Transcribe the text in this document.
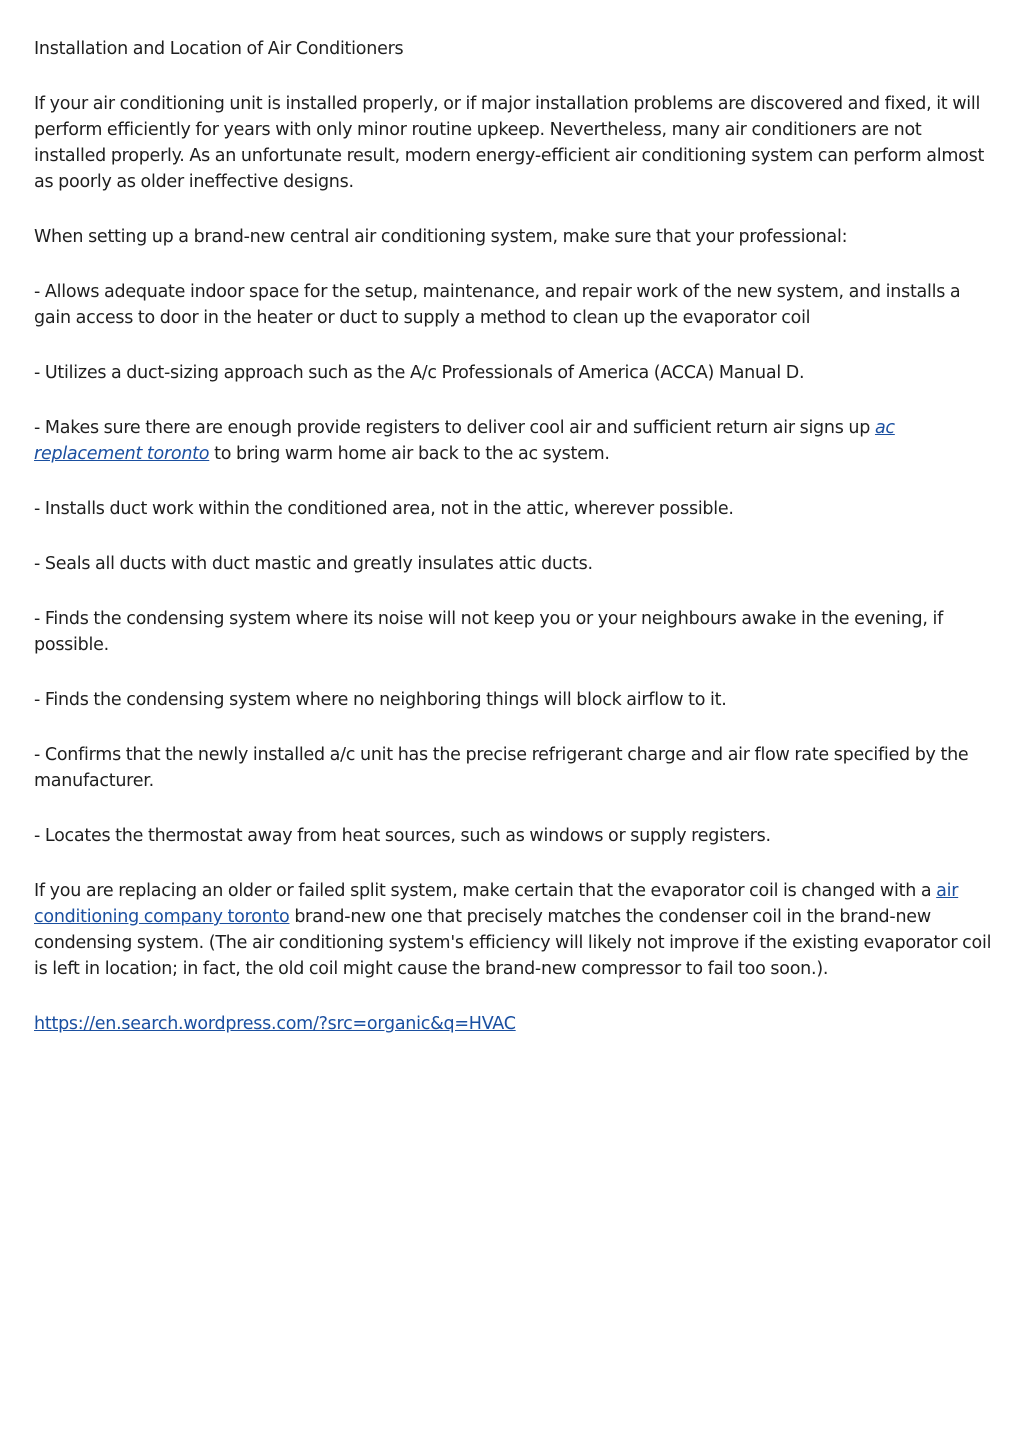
Installation and Location of Air Conditioners

If your air conditioning unit is installed properly, or if major installation problems are discovered and fixed, it will perform efficiently for years with only minor routine upkeep. Nevertheless, many air conditioners are not installed properly. As an unfortunate result, modern energy-efficient air conditioning system can perform almost as poorly as older ineffective designs.

When setting up a brand-new central air conditioning system, make sure that your professional:

- Allows adequate indoor space for the setup, maintenance, and repair work of the new system, and installs a gain access to door in the heater or duct to supply a method to clean up the evaporator coil

- Utilizes a duct-sizing approach such as the A/c Professionals of America (ACCA) Manual D.

- Makes sure there are enough provide registers to deliver cool air and sufficient return air signs up ac replacement toronto to bring warm home air back to the ac system.

- Installs duct work within the conditioned area, not in the attic, wherever possible.

- Seals all ducts with duct mastic and greatly insulates attic ducts.

- Finds the condensing system where its noise will not keep you or your neighbours awake in the evening, if possible.

- Finds the condensing system where no neighboring things will block airflow to it.

- Confirms that the newly installed a/c unit has the precise refrigerant charge and air flow rate specified by the manufacturer.

- Locates the thermostat away from heat sources, such as windows or supply registers.

If you are replacing an older or failed split system, make certain that the evaporator coil is changed with a air conditioning company toronto brand-new one that precisely matches the condenser coil in the brand-new condensing system. (The air conditioning system's efficiency will likely not improve if the existing evaporator coil is left in location; in fact, the old coil might cause the brand-new compressor to fail too soon.).

https://en.search.wordpress.com/?src=organic&q=HVAC
